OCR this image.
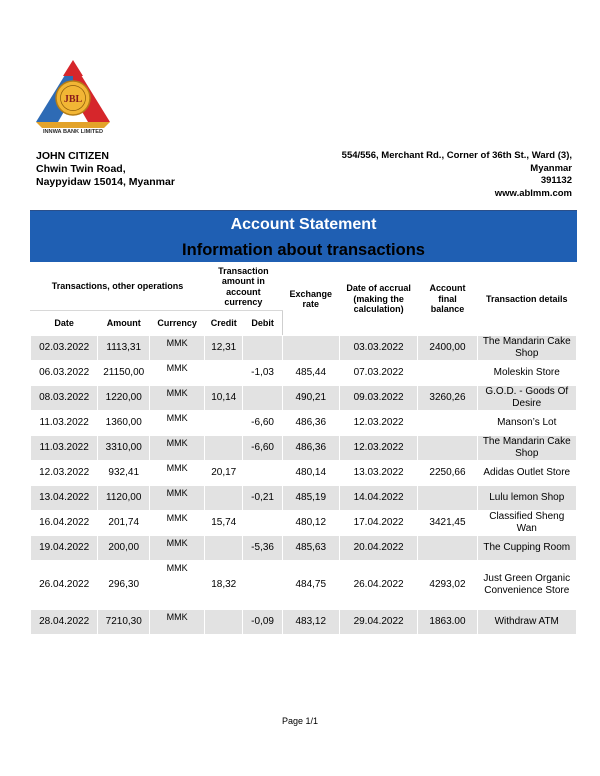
JBL
INNWA BANK LIMITED
JOHN CITIZEN
Chwin Twin Road,
Naypyidaw 15014, Myanmar
554/556, Merchant Rd., Corner of 36th St., Ward (3),
Myanmar
391132
www.ablmm.com
Account Statement
Information about transactions
Transactions, other operations			Transaction amount in account currency		Exchange rate	Date of accrual (making the calculation)	Account final balance	Transaction details
Date	Amount	Currency	Credit	Debit				
02.03.2022	1113,31	MMK	12,31			03.03.2022	2400,00	The Mandarin Cake Shop
06.03.2022	21150,00	MMK		-1,03	485,44	07.03.2022		Moleskin Store
08.03.2022	1220,00	MMK	10,14		490,21	09.03.2022	3260,26	G.O.D. - Goods Of Desire
11.03.2022	1360,00	MMK		-6,60	486,36	12.03.2022		Manson’s Lot
11.03.2022	3310,00	MMK		-6,60	486,36	12.03.2022		The Mandarin Cake Shop
12.03.2022	932,41	MMK	20,17		480,14	13.03.2022	2250,66	Adidas Outlet Store
13.04.2022	1120,00	MMK		-0,21	485,19	14.04.2022		Lulu lemon Shop
16.04.2022	201,74	MMK	15,74		480,12	17.04.2022	3421,45	Classified Sheng Wan
19.04.2022	200,00	MMK		-5,36	485,63	20.04.2022		The Cupping Room
26.04.2022	296,30	MMK	18,32		484,75	26.04.2022	4293,02	Just Green Organic Convenience Store
28.04.2022	7210,30	MMK		-0,09	483,12	29.04.2022	1863.00	Withdraw ATM
Page 1/1
